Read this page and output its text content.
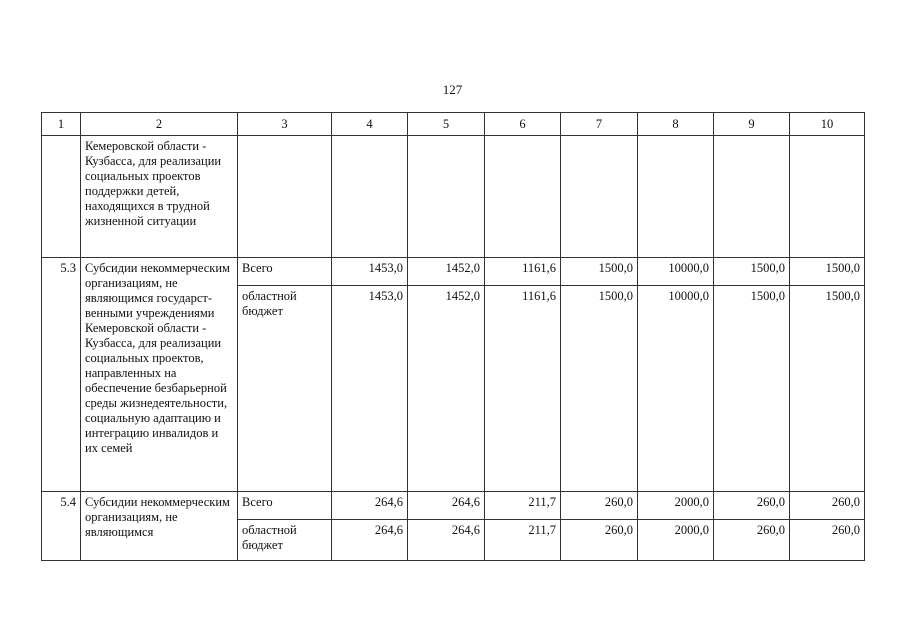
127
1	2	3	4	5	6	7	8	9	10
	Кемеровской области - Кузбасса, для реализации социальных проектов поддержки детей, находящихся в трудной жизненной ситуации								
5.3	Субсидии некоммерческим организациям, не являющимся государст-венными учреждениями Кемеровской области - Кузбасса, для реализации социальных проектов, направленных на обеспечение безбарьерной среды жизнедеятельности, социальную адаптацию и интеграцию инвалидов и их семей	Всего	1453,0	1452,0	1161,6	1500,0	10000,0	1500,0	1500,0
		областной бюджет	1453,0	1452,0	1161,6	1500,0	10000,0	1500,0	1500,0
5.4	Субсидии некоммерческим организациям, не являющимся	Всего	264,6	264,6	211,7	260,0	2000,0	260,0	260,0
		областной бюджет	264,6	264,6	211,7	260,0	2000,0	260,0	260,0
